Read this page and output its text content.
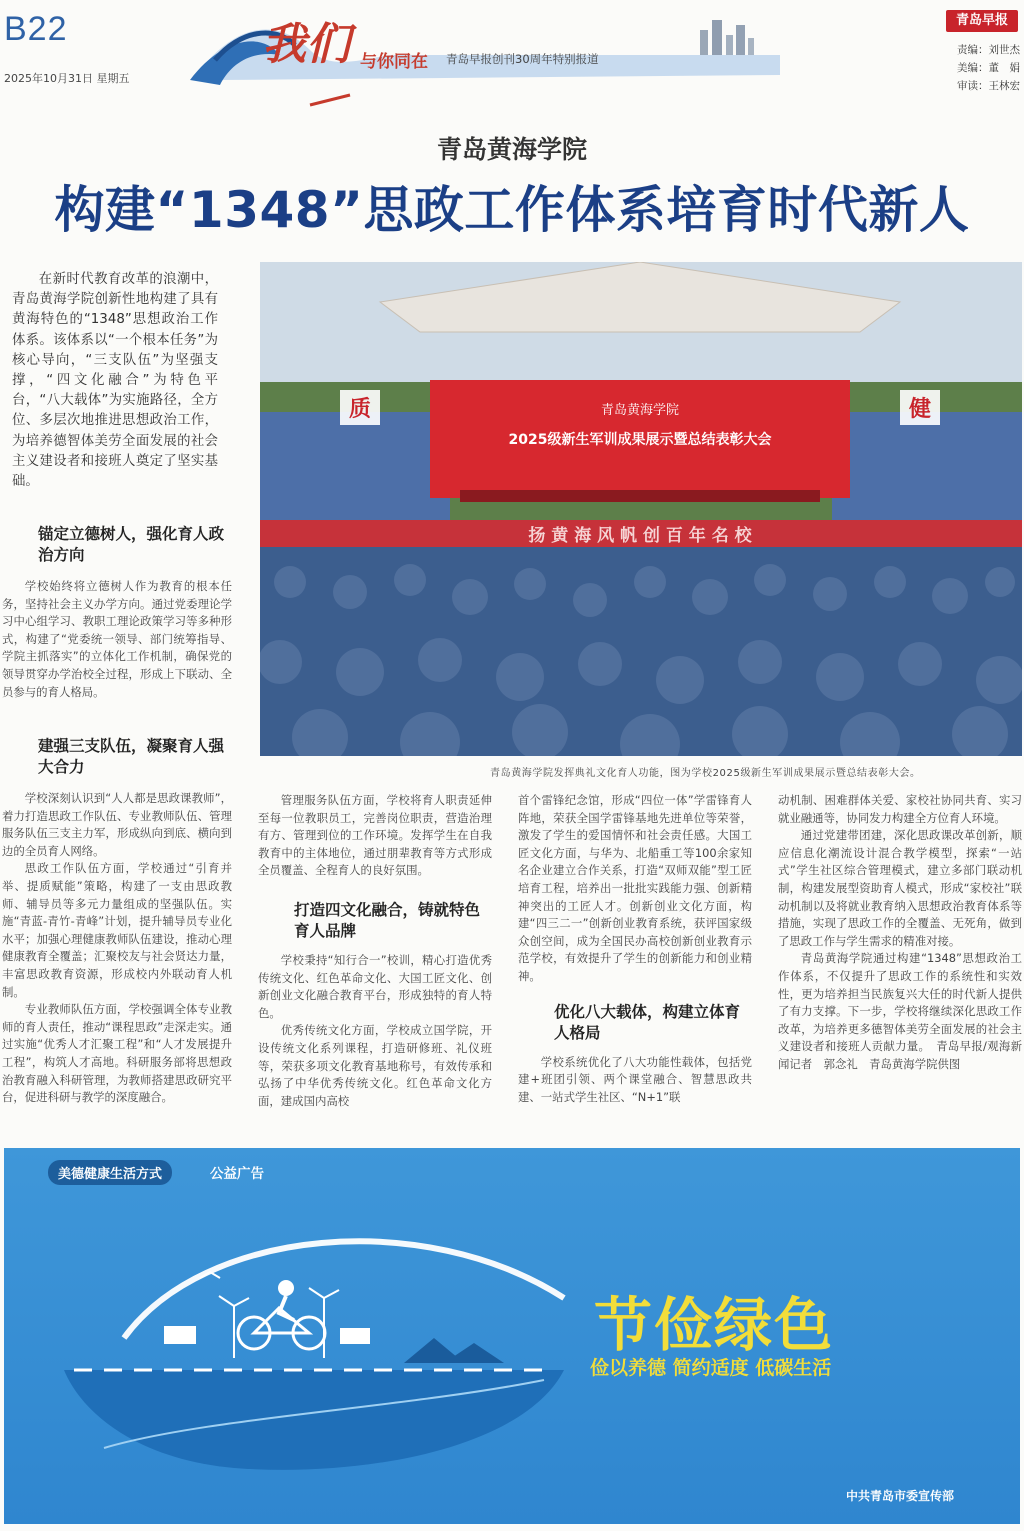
B22
2025年10月31日 星期五
我们 与你同在 青岛早报创刊30周年特别报道
青岛早报
责编：刘世杰
美编：董　娟
审读：王林宏
青岛黄海学院
构建“1348”思政工作体系培育时代新人
在新时代教育改革的浪潮中，青岛黄海学院创新性地构建了具有黄海特色的“1348”思想政治工作体系。该体系以“一个根本任务”为核心导向，“三支队伍”为坚强支撑，“四文化融合”为特色平台，“八大载体”为实施路径，全方位、多层次地推进思想政治工作，为培养德智体美劳全面发展的社会主义建设者和接班人奠定了坚实基础。
锚定立德树人，强化育人政治方向

学校始终将立德树人作为教育的根本任务，坚持社会主义办学方向。通过党委理论学习中心组学习、教职工理论政策学习等多种形式，构建了“党委统一领导、部门统筹指导、学院主抓落实”的立体化工作机制，确保党的领导贯穿办学治校全过程，形成上下联动、全员参与的育人格局。

建强三支队伍，凝聚育人强大合力

学校深刻认识到“人人都是思政课教师”，着力打造思政工作队伍、专业教师队伍、管理服务队伍三支主力军，形成纵向到底、横向到边的全员育人网络。

思政工作队伍方面，学校通过“引育并举、提质赋能”策略，构建了一支由思政教师、辅导员等多元力量组成的坚强队伍。实施“青蓝-青竹-青峰”计划，提升辅导员专业化水平；加强心理健康教师队伍建设，推动心理健康教育全覆盖；汇聚校友与社会贤达力量，丰富思政教育资源，形成校内外联动育人机制。

专业教师队伍方面，学校强调全体专业教师的育人责任，推动“课程思政”走深走实。通过实施“优秀人才汇聚工程”和“人才发展提升工程”，构筑人才高地。科研服务部将思想政治教育融入科研管理，为教师搭建思政研究平台，促进科研与教学的深度融合。

青岛黄海学院
2025级新生军训成果展示暨总结表彰大会
扬 黄 海 风 帆 创 百 年 名 校
质	健
青岛黄海学院发挥典礼文化育人功能，图为学校2025级新生军训成果展示暨总结表彰大会。

管理服务队伍方面，学校将育人职责延伸至每一位教职员工，完善岗位职责，营造治理有方、管理到位的工作环境。发挥学生在自我教育中的主体地位，通过朋辈教育等方式形成全员覆盖、全程育人的良好氛围。

打造四文化融合，铸就特色育人品牌

学校秉持“知行合一”校训，精心打造优秀传统文化、红色革命文化、大国工匠文化、创新创业文化融合教育平台，形成独特的育人特色。

优秀传统文化方面，学校成立国学院，开设传统文化系列课程，打造研修班、礼仪班等，荣获多项文化教育基地称号，有效传承和弘扬了中华优秀传统文化。红色革命文化方面，建成国内高校

首个雷锋纪念馆，形成“四位一体”学雷锋育人阵地，荣获全国学雷锋基地先进单位等荣誉，激发了学生的爱国情怀和社会责任感。大国工匠文化方面，与华为、北船重工等100余家知名企业建立合作关系，打造“双师双能”型工匠培育工程，培养出一批批实践能力强、创新精神突出的工匠人才。创新创业文化方面，构建“四三二一”创新创业教育系统，获评国家级众创空间，成为全国民办高校创新创业教育示范学校，有效提升了学生的创新能力和创业精神。

优化八大载体，构建立体育人格局

学校系统优化了八大功能性载体，包括党建+班团引领、两个课堂融合、智慧思政共建、一站式学生社区、“N+1”联

动机制、困难群体关爱、家校社协同共育、实习就业融通等，协同发力构建全方位育人环境。

通过党建带团建，深化思政课改革创新，顺应信息化潮流设计混合教学模型，探索“一站式”学生社区综合管理模式，建立多部门联动机制，构建发展型资助育人模式，形成“家校社”联动机制以及将就业教育纳入思想政治教育体系等措施，实现了思政工作的全覆盖、无死角，做到了思政工作与学生需求的精准对接。

青岛黄海学院通过构建“1348”思想政治工作体系，不仅提升了思政工作的系统性和实效性，更为培养担当民族复兴大任的时代新人提供了有力支撑。下一步，学校将继续深化思政工作改革，为培养更多德智体美劳全面发展的社会主义建设者和接班人贡献力量。　青岛早报/观海新闻记者　郭念礼　青岛黄海学院供图

美德健康生活方式	公益广告
节俭绿色
俭以养德 简约适度 低碳生活
中共青岛市委宣传部
